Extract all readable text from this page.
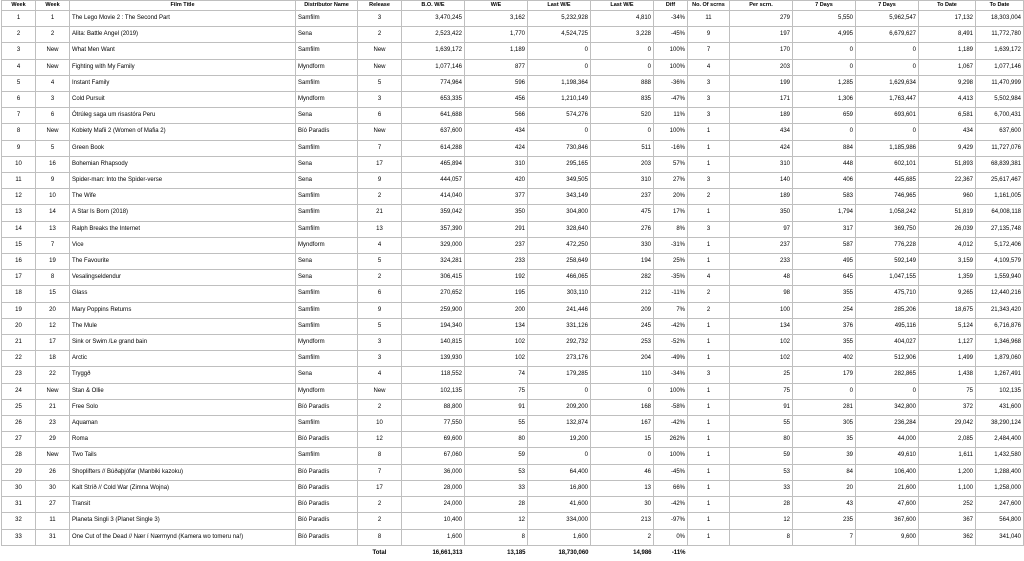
Week	Week	Film Title	Distributor Name	Release	B.O. W/E	W/E	Last W/E	Last W/E	Diff	No. Of scrns	Per scrn.	7 Days	7 Days	To Date	To Date
1	1	The Lego Movie 2 : The Second Part	Samfilm	3	3,470,245	3,162	5,232,928	4,810	-34%	11	279	5,550	5,962,547	17,132	18,303,004
2	2	Alita: Battle Angel (2019)	Sena	2	2,523,422	1,770	4,524,725	3,228	-45%	9	197	4,995	6,679,627	8,491	11,772,780
3	New	What Men Want	Samfilm	New	1,639,172	1,189	0	0	100%	7	170	0	0	1,189	1,639,172
4	New	Fighting with My Family	Myndform	New	1,077,146	877	0	0	100%	4	203	0	0	1,067	1,077,146
5	4	Instant Family	Samfilm	5	774,964	596	1,198,364	888	-36%	3	199	1,285	1,629,634	9,298	11,470,999
6	3	Cold Pursuit	Myndform	3	653,335	456	1,210,149	835	-47%	3	171	1,306	1,763,447	4,413	5,502,984
7	6	Ótrúleg saga um risastóra Peru	Sena	6	641,688	566	574,276	520	11%	3	189	659	693,601	6,581	6,700,431
8	New	Kobiety Mafii 2 (Women of Mafia 2)	Bíó Paradís	New	637,600	434	0	0	100%	1	434	0	0	434	637,600
9	5	Green Book	Samfilm	7	614,288	424	730,846	511	-16%	1	424	884	1,185,986	9,429	11,727,076
10	16	Bohemian Rhapsody	Sena	17	465,894	310	295,165	203	57%	1	310	448	602,101	51,893	68,839,381
11	9	Spider-man: Into the Spider-verse	Sena	9	444,057	420	349,505	310	27%	3	140	406	445,685	22,367	25,617,467
12	10	The Wife	Samfilm	2	414,040	377	343,149	237	20%	2	189	583	746,965	960	1,161,005
13	14	A Star Is Born (2018)	Samfilm	21	359,042	350	304,800	475	17%	1	350	1,794	1,058,242	51,819	64,008,118
14	13	Ralph Breaks the Internet	Samfilm	13	357,390	291	328,640	276	8%	3	97	317	369,750	26,039	27,135,748
15	7	Vice	Myndform	4	329,000	237	472,250	330	-31%	1	237	587	776,228	4,012	5,172,406
16	19	The Favourite	Sena	5	324,281	233	258,649	194	25%	1	233	495	592,149	3,159	4,109,579
17	8	Vesalingseldendur	Sena	2	306,415	192	466,065	282	-35%	4	48	645	1,047,155	1,359	1,559,940
18	15	Glass	Samfilm	6	270,652	195	303,110	212	-11%	2	98	355	475,710	9,265	12,440,216
19	20	Mary Poppins Returns	Samfilm	9	259,900	200	241,446	209	7%	2	100	254	285,206	18,675	21,343,420
20	12	The Mule	Samfilm	5	194,340	134	331,126	245	-42%	1	134	376	495,116	5,124	6,716,876
21	17	Sink or Swim /Le grand bain	Myndform	3	140,815	102	292,732	253	-52%	1	102	355	404,027	1,127	1,346,968
22	18	Arctic	Samfilm	3	139,930	102	273,176	204	-49%	1	102	402	512,906	1,499	1,879,060
23	22	Tryggð	Sena	4	118,552	74	179,285	110	-34%	3	25	179	282,865	1,438	1,267,491
24	New	Stan & Ollie	Myndform	New	102,135	75	0	0	100%	1	75	0	0	75	102,135
25	21	Free Solo	Bíó Paradís	2	88,800	91	209,200	168	-58%	1	91	281	342,800	372	431,600
26	23	Aquaman	Samfilm	10	77,550	55	132,874	167	-42%	1	55	305	236,284	29,042	38,290,124
27	29	Roma	Bíó Paradís	12	69,600	80	19,200	15	262%	1	80	35	44,000	2,085	2,484,400
28	New	Two Tails	Samfilm	8	67,060	59	0	0	100%	1	59	39	49,610	1,611	1,432,580
29	26	Shoplifters // Búðaþjófar (Manbiki kazoku)	Bíó Paradís	7	36,000	53	64,400	46	-45%	1	53	84	106,400	1,200	1,288,400
30	30	Kalt Stríð // Cold War (Zimna Wojna)	Bíó Paradís	17	28,000	33	16,800	13	66%	1	33	20	21,600	1,100	1,258,000
31	27	Transit	Bíó Paradís	2	24,000	28	41,600	30	-42%	1	28	43	47,600	252	247,600
32	11	Planeta Singli 3 (Planet Single 3)	Bíó Paradís	2	10,400	12	334,000	213	-97%	1	12	235	367,600	367	564,800
33	31	One Cut of the Dead // Nær í Nærmynd (Kamera wo tomeru na!)	Bíó Paradís	8	1,600	8	1,600	2	0%	1	8	7	9,600	362	341,040
				Total	16,661,313	13,185	18,730,060	14,986	-11%						
